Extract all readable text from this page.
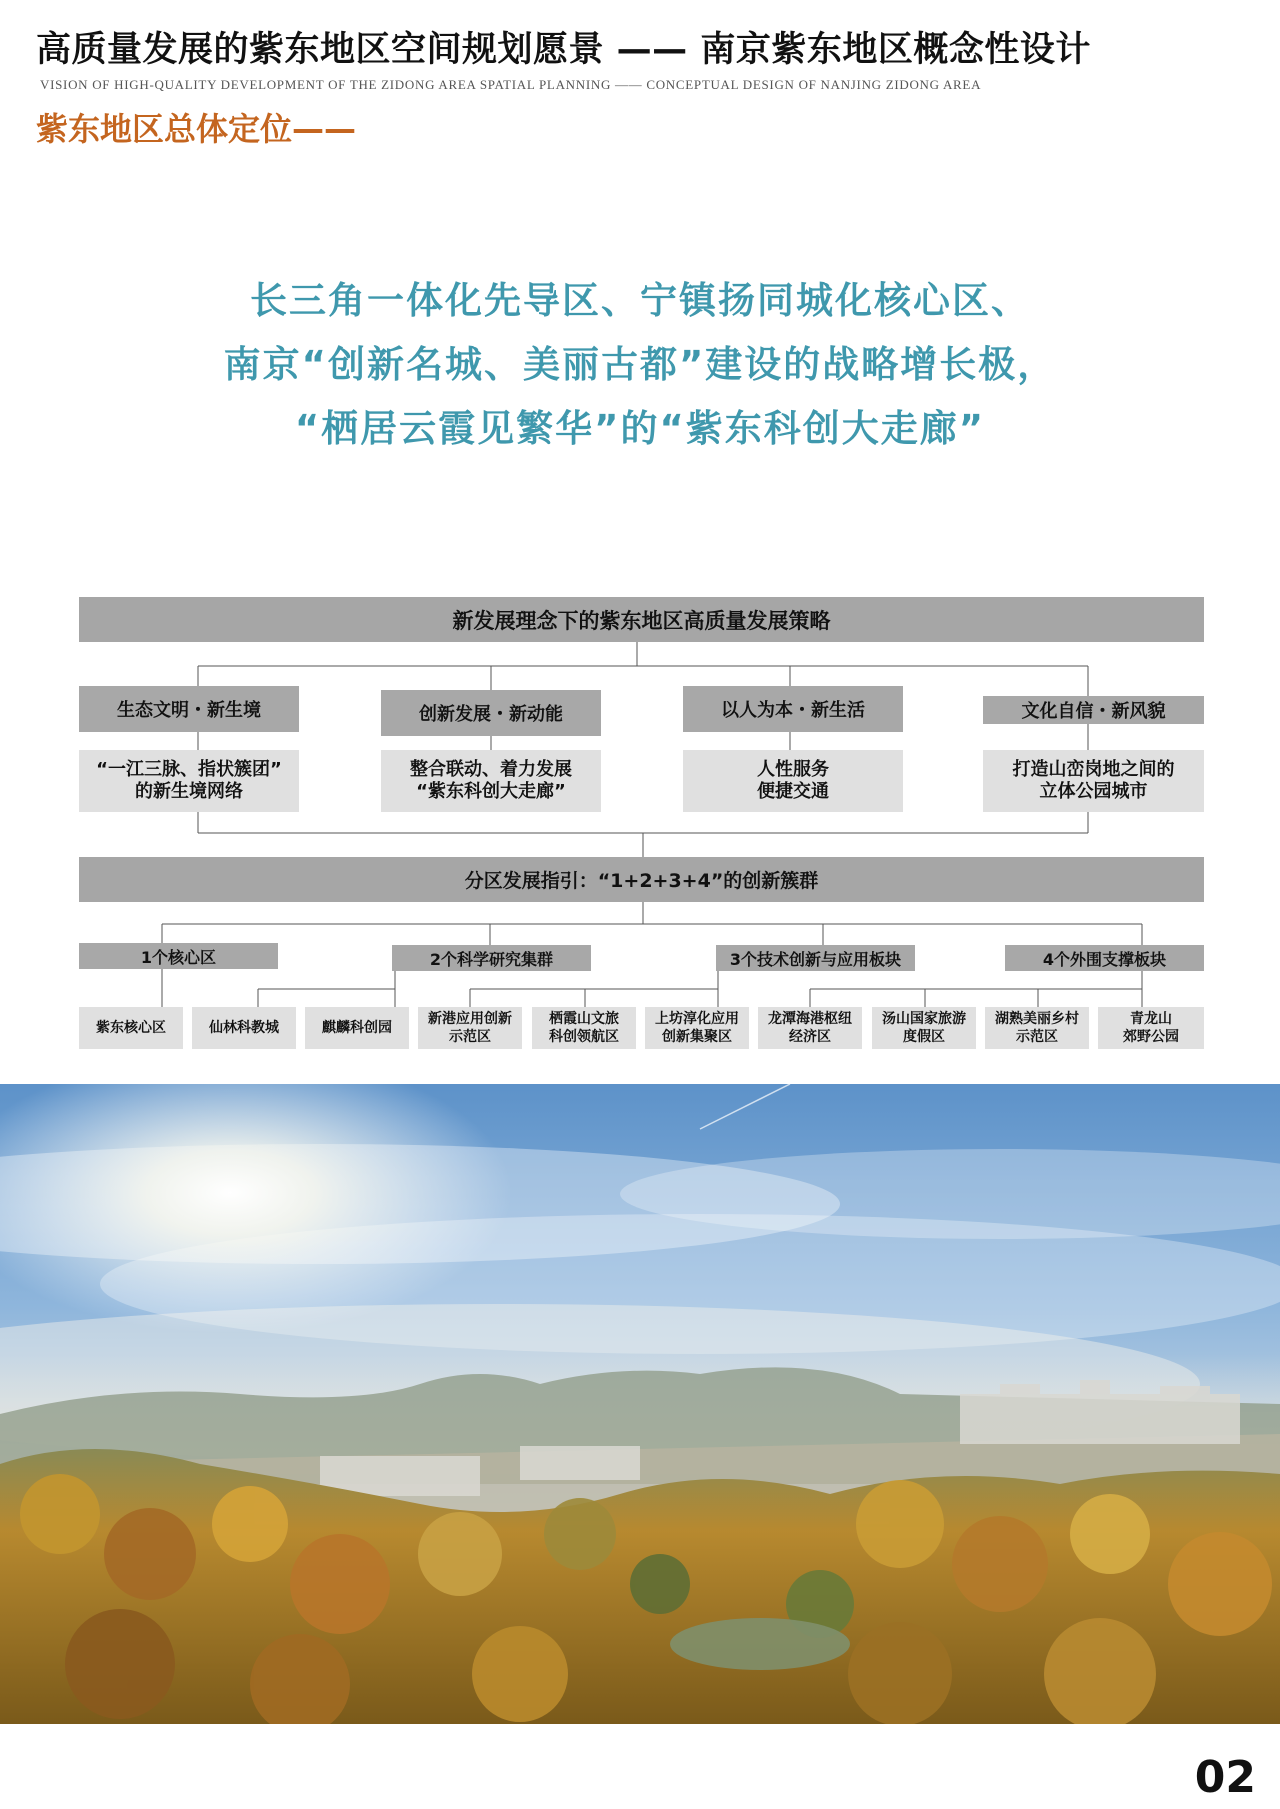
高质量发展的紫东地区空间规划愿景 —— 南京紫东地区概念性设计
VISION OF HIGH-QUALITY DEVELOPMENT OF THE ZIDONG AREA SPATIAL PLANNING —— CONCEPTUAL DESIGN OF NANJING ZIDONG AREA
紫东地区总体定位——
长三角一体化先导区、宁镇扬同城化核心区、
南京“创新名城、美丽古都”建设的战略增长极，
“栖居云霞见繁华”的“紫东科创大走廊”
新发展理念下的紫东地区高质量发展策略
生态文明・新生境
“一江三脉、指状簇团”
的新生境网络
创新发展・新动能
整合联动、着力发展
“紫东科创大走廊”
以人为本・新生活
人性服务
便捷交通
文化自信・新风貌
打造山峦岗地之间的
立体公园城市
分区发展指引：“1+2+3+4”的创新簇群
1个核心区	2个科学研究集群	3个技术创新与应用板块	4个外围支撑板块
紫东核心区	仙林科教城	麒麟科创园
新港应用创新
示范区
栖霞山文旅
科创领航区
上坊淳化应用
创新集聚区
龙潭海港枢纽
经济区
汤山国家旅游
度假区
湖熟美丽乡村
示范区
青龙山
郊野公园
02
